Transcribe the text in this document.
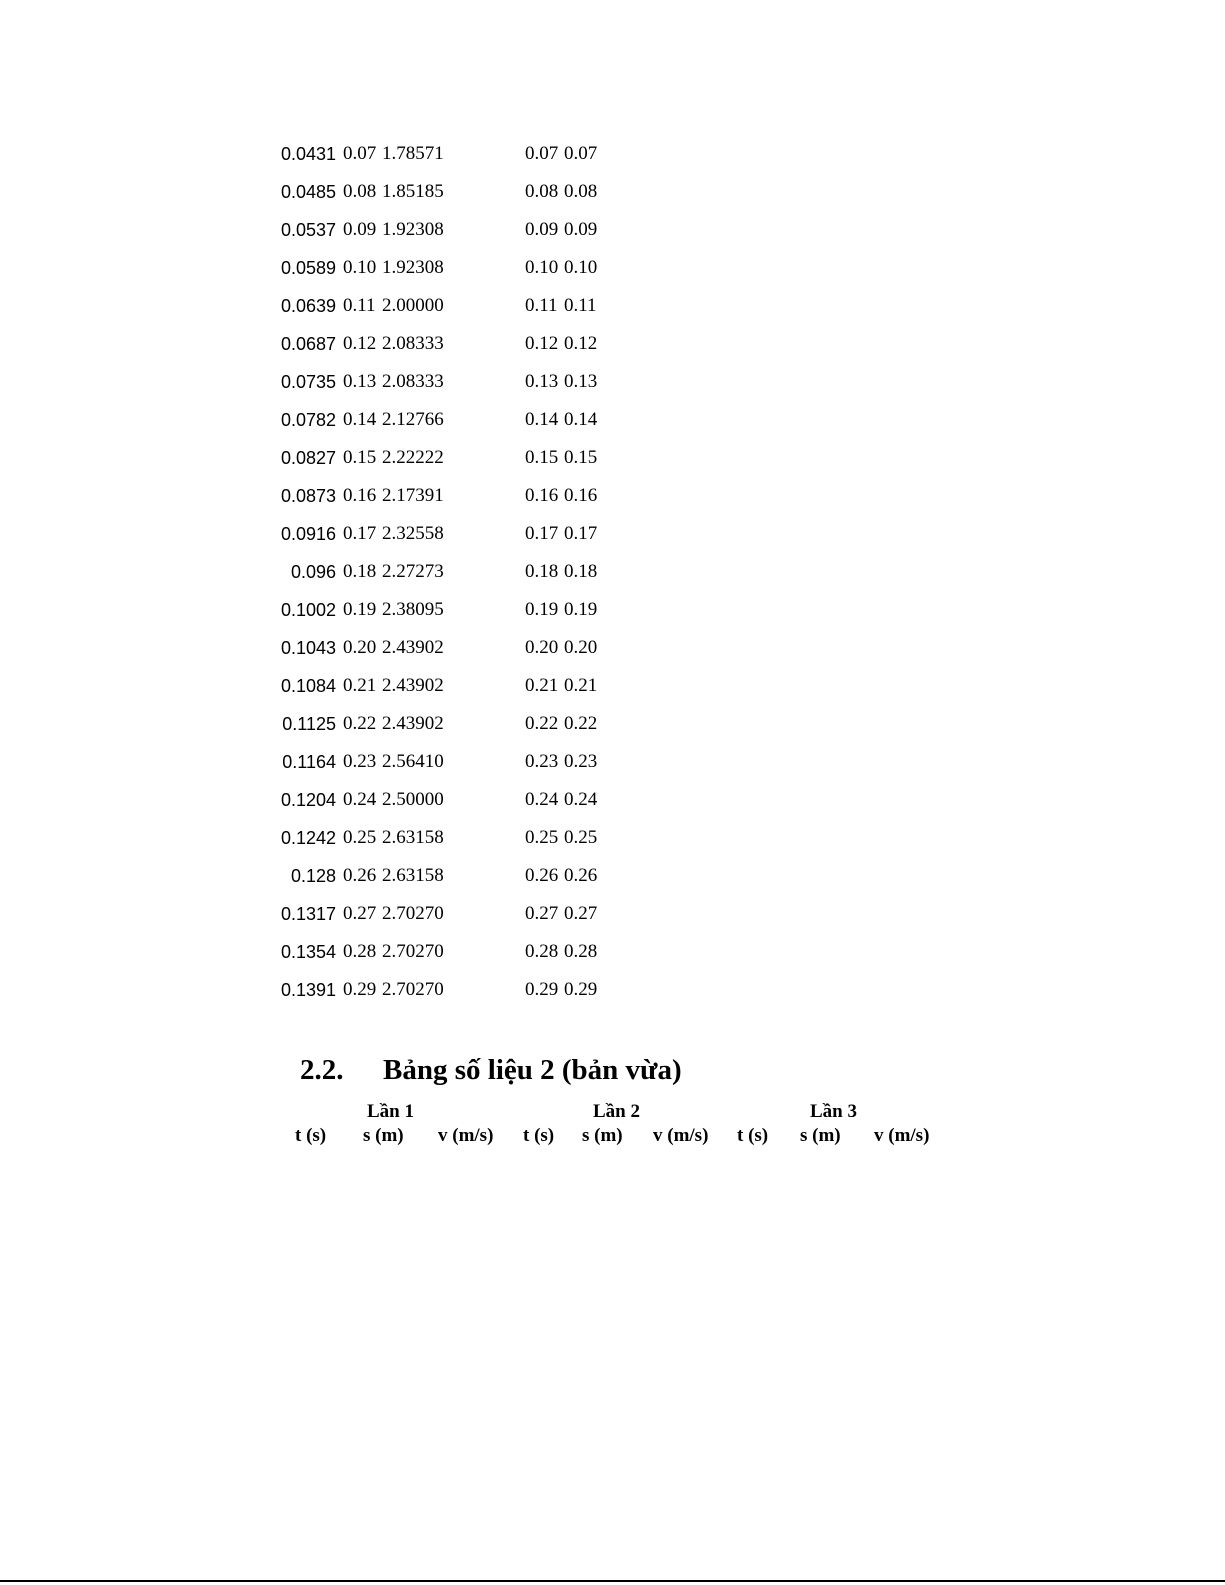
0.0431 0.07 1.78571	0.07 0.07
0.0485 0.08 1.85185	0.08 0.08
0.0537 0.09 1.92308	0.09 0.09
0.0589 0.10 1.92308	0.10 0.10
0.0639 0.11 2.00000	0.11 0.11
0.0687 0.12 2.08333	0.12 0.12
0.0735 0.13 2.08333	0.13 0.13
0.0782 0.14 2.12766	0.14 0.14
0.0827 0.15 2.22222	0.15 0.15
0.0873 0.16 2.17391	0.16 0.16
0.0916 0.17 2.32558	0.17 0.17
0.096 0.18 2.27273	0.18 0.18
0.1002 0.19 2.38095	0.19 0.19
0.1043 0.20 2.43902	0.20 0.20
0.1084 0.21 2.43902	0.21 0.21
0.1125 0.22 2.43902	0.22 0.22
0.1164 0.23 2.56410	0.23 0.23
0.1204 0.24 2.50000	0.24 0.24
0.1242 0.25 2.63158	0.25 0.25
0.128 0.26 2.63158	0.26 0.26
0.1317 0.27 2.70270	0.27 0.27
0.1354 0.28 2.70270	0.28 0.28
0.1391 0.29 2.70270	0.29 0.29
2.2. Bảng số liệu 2 (bản vừa)
Lần 1	Lần 2	Lần 3
t (s) s (m) v (m/s) t (s) s (m) v (m/s) t (s) s (m) v (m/s)
